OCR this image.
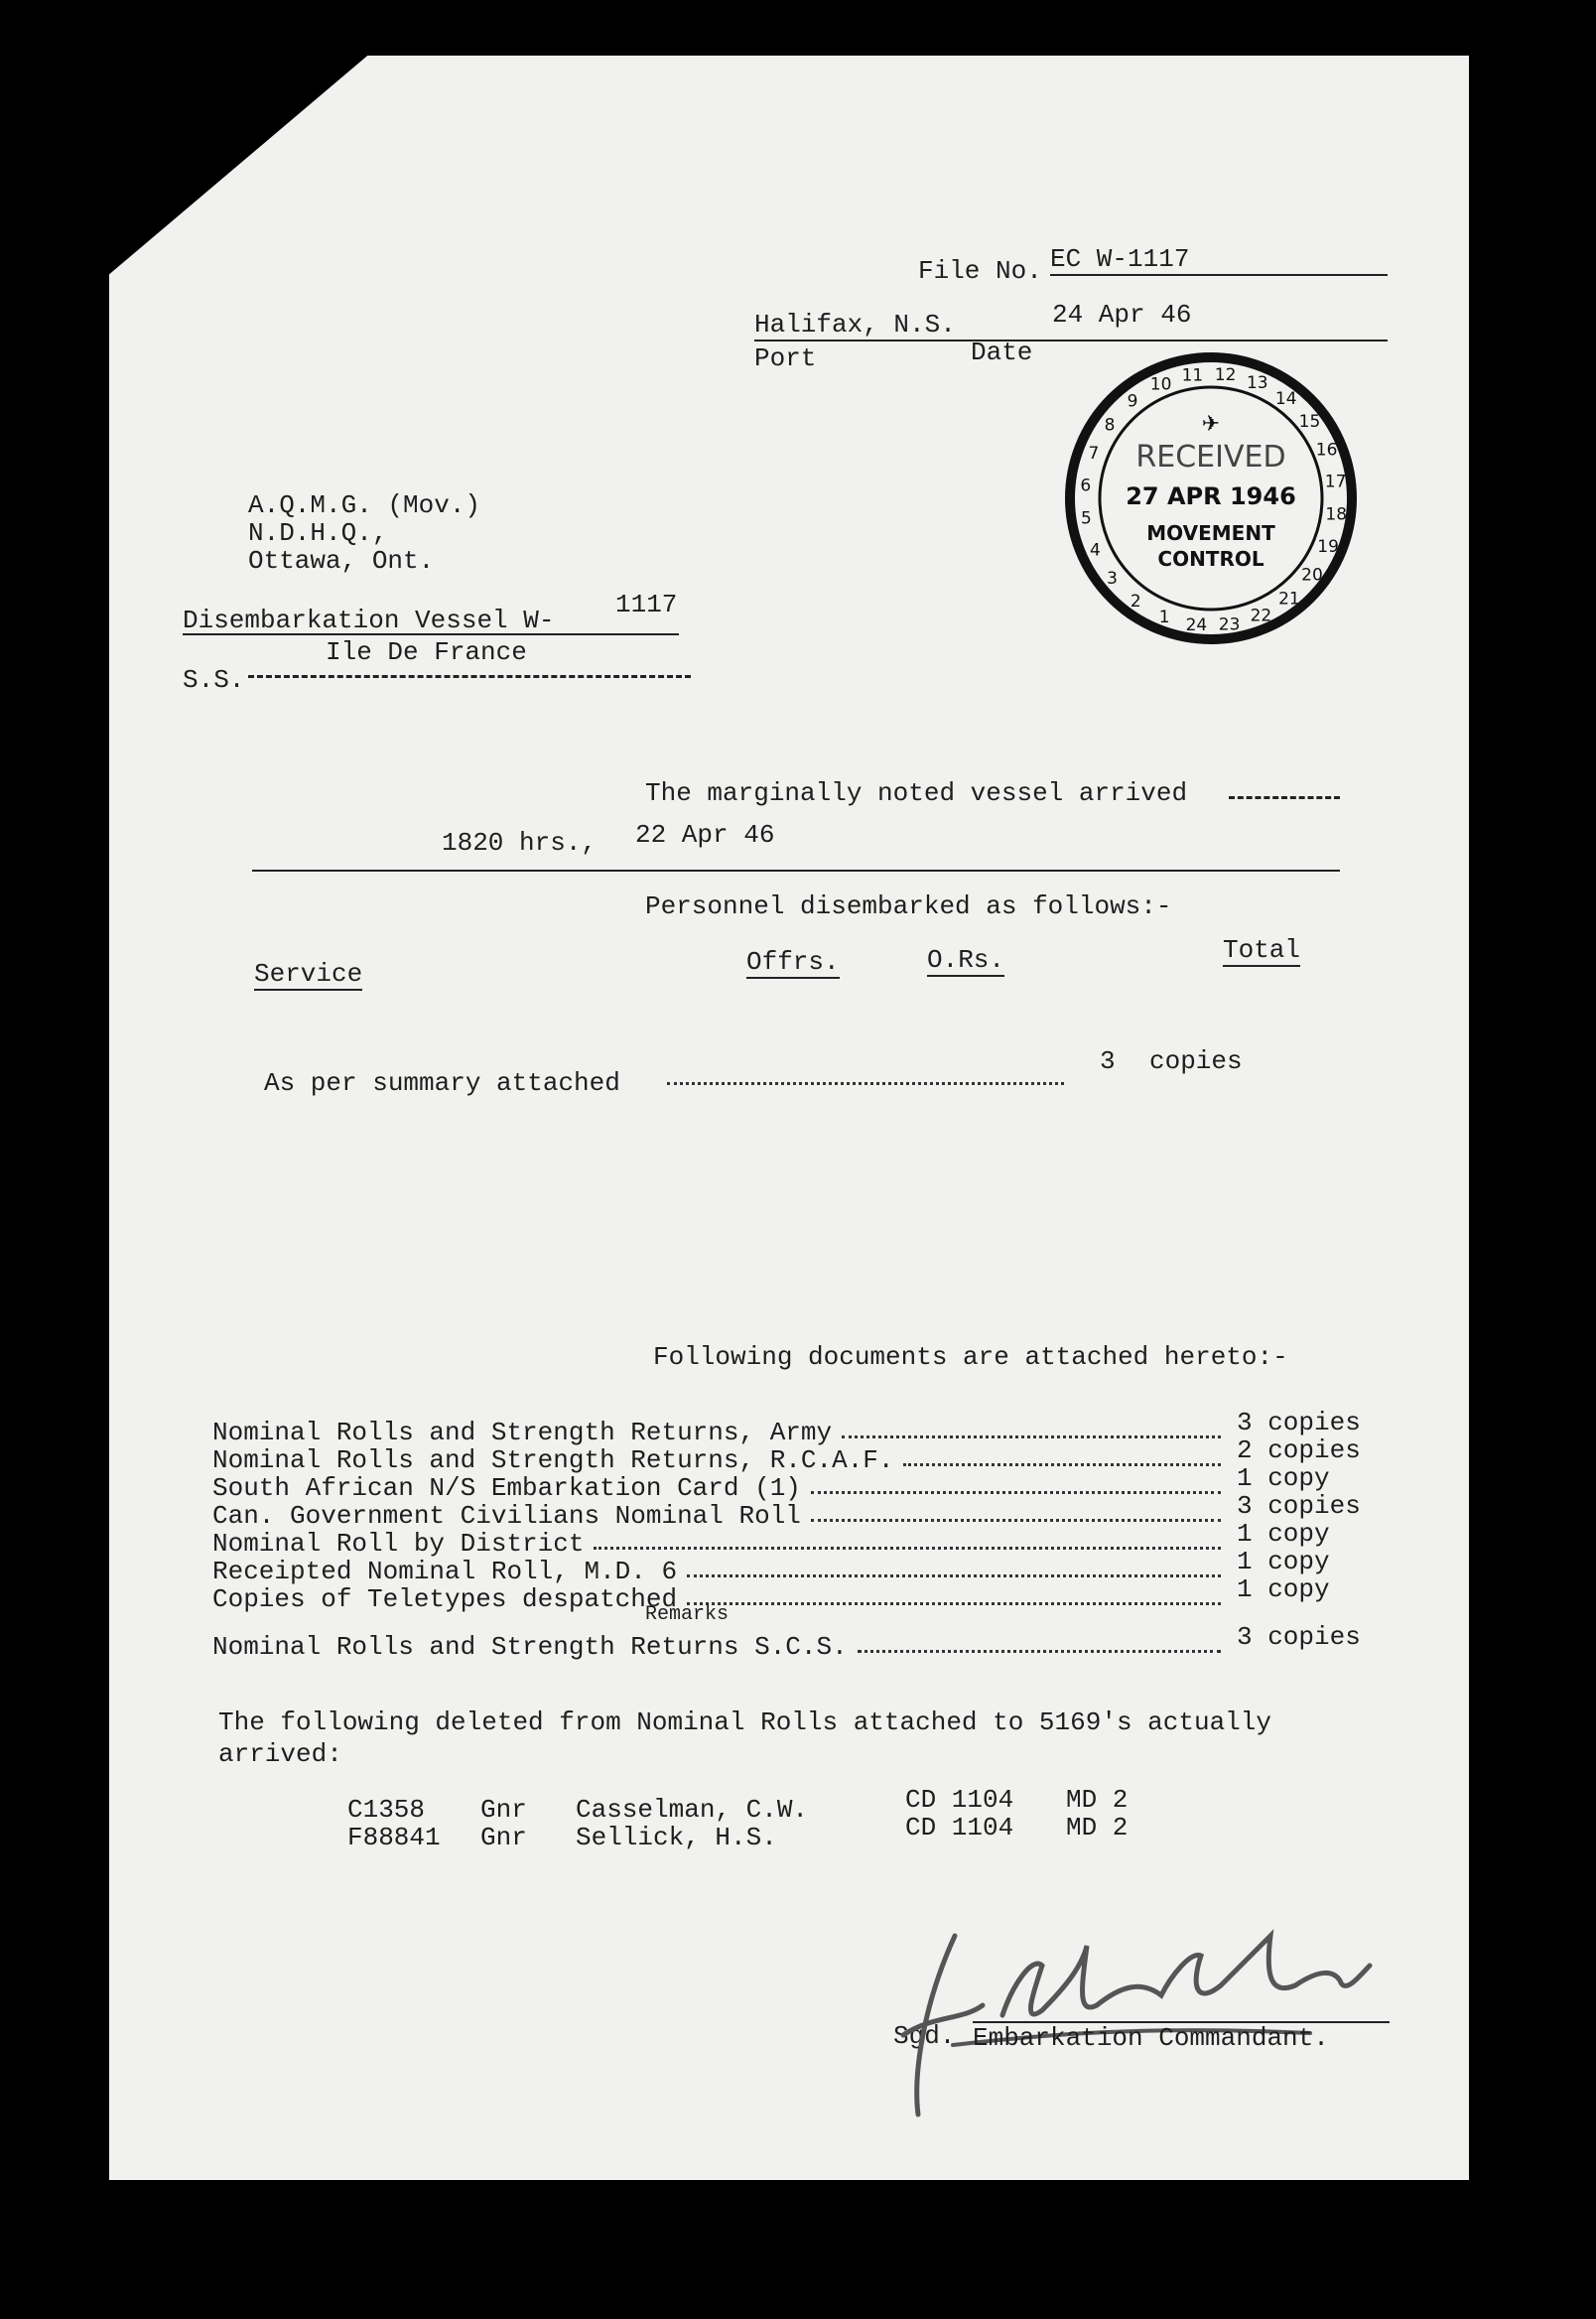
File No. EC W-1117
Halifax, N.S.	24 Apr 46
Port	Date
1
2
3
4
5
6
7
8
9
10 11 12 13
14
15
16
17
18
19
20
21
22
23
24
✈
RECEIVED
27 APR 1946
MOVEMENT
CONTROL
A.Q.M.G. (Mov.)
N.D.H.Q.,
Ottawa, Ont.
Disembarkation Vessel W-
1117
S.S.
Ile De France
The marginally noted vessel arrived
1820 hrs., 22 Apr 46
Personnel disembarked as follows:-
Service	Offrs.	O.Rs.	Total
As per summary attached
3 copies
Following documents are attached hereto:-
Nominal Rolls and Strength Returns, Army	3 copies
Nominal Rolls and Strength Returns, R.C.A.F.	2 copies
South African N/S Embarkation Card (1)	1 copy
Can. Government Civilians Nominal Roll	3 copies
Nominal Roll by District	1 copy
Receipted Nominal Roll, M.D. 6	1 copy
Copies of Teletypes despatched	1 copy
Nominal Rolls and Strength Returns S.C.S.	3 copies
Remarks
The following deleted from Nominal Rolls attached to 5169's actually
arrived:
C1358 Gnr Casselman, C.W.	CD 1104 MD 2
F88841 Gnr Sellick, H.S.	CD 1104 MD 2
Sgd. Embarkation Commandant.
